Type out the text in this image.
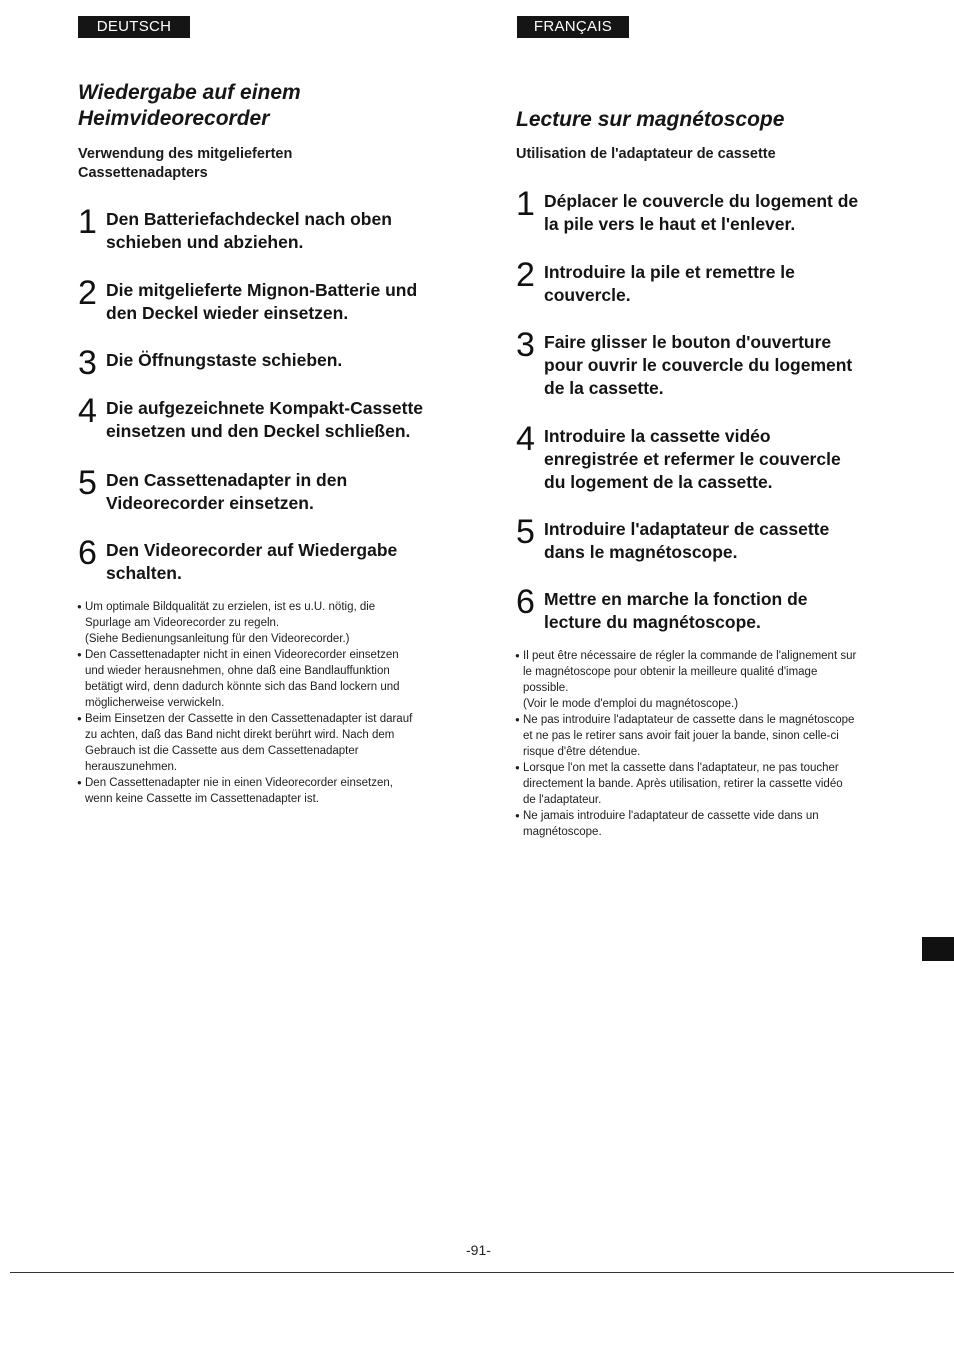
DEUTSCH	FRANÇAIS
Wiedergabe auf einem
Heimvideorecorder
Verwendung des mitgelieferten
Cassettenadapters
1 Den Batteriefachdeckel nach oben
schieben und abziehen.
2 Die mitgelieferte Mignon-Batterie und
den Deckel wieder einsetzen.
3 Die Öffnungstaste schieben.
4 Die aufgezeichnete Kompakt-Cassette
einsetzen und den Deckel schließen.
5 Den Cassettenadapter in den
Videorecorder einsetzen.
6 Den Videorecorder auf Wiedergabe
schalten.
● Um optimale Bildqualität zu erzielen, ist es u.U. nötig, die
Spurlage am Videorecorder zu regeln.
(Siehe Bedienungsanleitung für den Videorecorder.)
● Den Cassettenadapter nicht in einen Videorecorder einsetzen
und wieder herausnehmen, ohne daß eine Bandlauffunktion
betätigt wird, denn dadurch könnte sich das Band lockern und
möglicherweise verwickeln.
● Beim Einsetzen der Cassette in den Cassettenadapter ist darauf
zu achten, daß das Band nicht direkt berührt wird. Nach dem
Gebrauch ist die Cassette aus dem Cassettenadapter
herauszunehmen.
● Den Cassettenadapter nie in einen Videorecorder einsetzen,
wenn keine Cassette im Cassettenadapter ist.
Lecture sur magnétoscope
Utilisation de l'adaptateur de cassette
1 Déplacer le couvercle du logement de
la pile vers le haut et l'enlever.
2 Introduire la pile et remettre le
couvercle.
3 Faire glisser le bouton d'ouverture
pour ouvrir le couvercle du logement
de la cassette.
4 Introduire la cassette vidéo
enregistrée et refermer le couvercle
du logement de la cassette.
5 Introduire l'adaptateur de cassette
dans le magnétoscope.
6 Mettre en marche la fonction de
lecture du magnétoscope.
● Il peut être nécessaire de régler la commande de l'alignement sur
le magnétoscope pour obtenir la meilleure qualité d'image
possible.
(Voir le mode d'emploi du magnétoscope.)
● Ne pas introduire l'adaptateur de cassette dans le magnétoscope
et ne pas le retirer sans avoir fait jouer la bande, sinon celle-ci
risque d'être détendue.
● Lorsque l'on met la cassette dans l'adaptateur, ne pas toucher
directement la bande. Après utilisation, retirer la cassette vidéo
de l'adaptateur.
● Ne jamais introduire l'adaptateur de cassette vide dans un
magnétoscope.
-91-
